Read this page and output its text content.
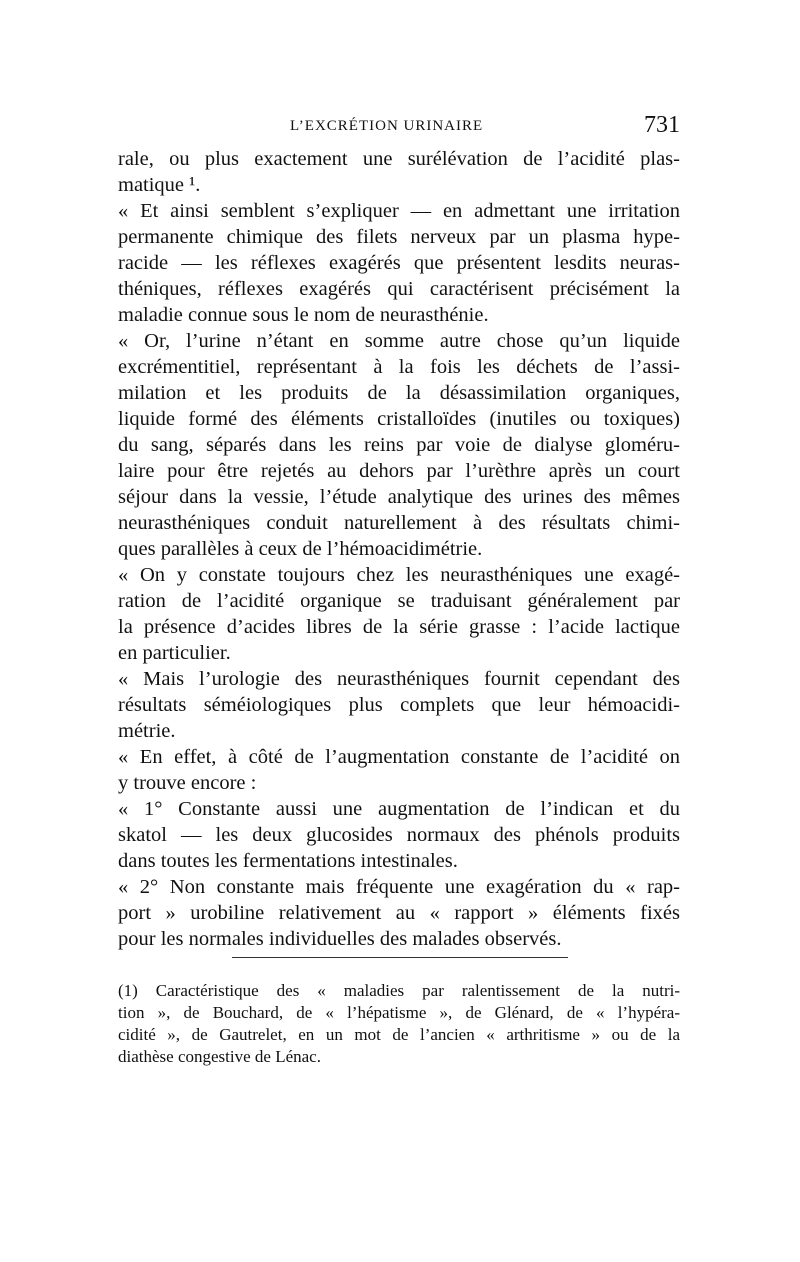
L’EXCRÉTION URINAIRE	731
rale, ou plus exactement une surélévation de l’acidité plas-
matique ¹.
« Et ainsi semblent s’expliquer — en admettant une irritation
permanente chimique des filets nerveux par un plasma hype-
racide — les réflexes exagérés que présentent lesdits neuras-
théniques, réflexes exagérés qui caractérisent précisément la
maladie connue sous le nom de neurasthénie.
« Or, l’urine n’étant en somme autre chose qu’un liquide
excrémentitiel, représentant à la fois les déchets de l’assi-
milation et les produits de la désassimilation organiques,
liquide formé des éléments cristalloïdes (inutiles ou toxiques)
du sang, séparés dans les reins par voie de dialyse gloméru-
laire pour être rejetés au dehors par l’urèthre après un court
séjour dans la vessie, l’étude analytique des urines des mêmes
neurasthéniques conduit naturellement à des résultats chimi-
ques parallèles à ceux de l’hémoacidimétrie.
« On y constate toujours chez les neurasthéniques une exagé-
ration de l’acidité organique se traduisant généralement par
la présence d’acides libres de la série grasse : l’acide lactique
en particulier.
« Mais l’urologie des neurasthéniques fournit cependant des
résultats séméiologiques plus complets que leur hémoacidi-
métrie.
« En effet, à côté de l’augmentation constante de l’acidité on
y trouve encore :
« 1° Constante aussi une augmentation de l’indican et du
skatol — les deux glucosides normaux des phénols produits
dans toutes les fermentations intestinales.
« 2° Non constante mais fréquente une exagération du « rap-
port » urobiline relativement au « rapport » éléments fixés
pour les normales individuelles des malades observés.
(1) Caractéristique des « maladies par ralentissement de la nutri-
tion », de Bouchard, de « l’hépatisme », de Glénard, de « l’hypéra-
cidité », de Gautrelet, en un mot de l’ancien « arthritisme » ou de la
diathèse congestive de Lénac.
